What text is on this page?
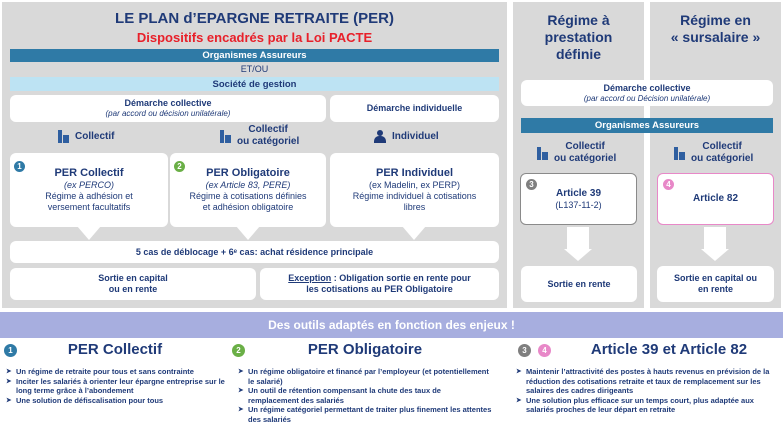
LE PLAN d’EPARGNE RETRAITE (PER)
Dispositifs encadrés par la Loi PACTE
Organismes Assureurs
ET/OU
Société de gestion
Démarche collective
(par accord ou décision unilatérale)
Démarche individuelle
Collectif
Collectif
ou catégoriel	Individuel
PER Collectif
(ex PERCO)
Régime à adhésion et
versement facultatifs
1
PER Obligatoire
(ex Article 83, PERE)
Régime à cotisations définies
et adhésion obligatoire
2
PER Individuel
(ex Madelin, ex PERP)
Régime individuel à cotisations
libres
5 cas de déblocage + 6ᵉ cas: achat résidence principale
Sortie en capital
ou en rente
Exception : Obligation sortie en rente pour
les cotisations au PER Obligatoire
Régime à
prestation
définie
Régime en
« sursalaire »
Démarche collective
(par accord ou Décision unilatérale)
Organismes Assureurs
Collectif
ou catégoriel
Collectif
ou catégoriel
Article 39
(L137-11-2)
3
Article 82
4
Sortie en rente
Sortie en capital ou
en rente
Des outils adaptés en fonction des enjeux !
1	PER Collectif
➤ Un régime de retraite pour tous et sans contrainte
➤ Inciter les salariés à orienter leur épargne entreprise sur le long terme grâce à l’abondement
➤ Une solution de défiscalisation pour tous
2	PER Obligatoire
➤ Un régime obligatoire et financé par l’employeur (et potentiellement le salarié)
➤ Un outil de rétention compensant la chute des taux de remplacement des salariés
➤ Un régime catégoriel permettant de traiter plus finement les attentes des salariés
3	4	Article 39 et Article 82
➤ Maintenir l’attractivité des postes à hauts revenus en prévision de la réduction des cotisations retraite et taux de remplacement sur les salaires des cadres dirigeants
➤ Une solution plus efficace sur un temps court, plus adaptée aux salariés proches de leur départ en retraite
